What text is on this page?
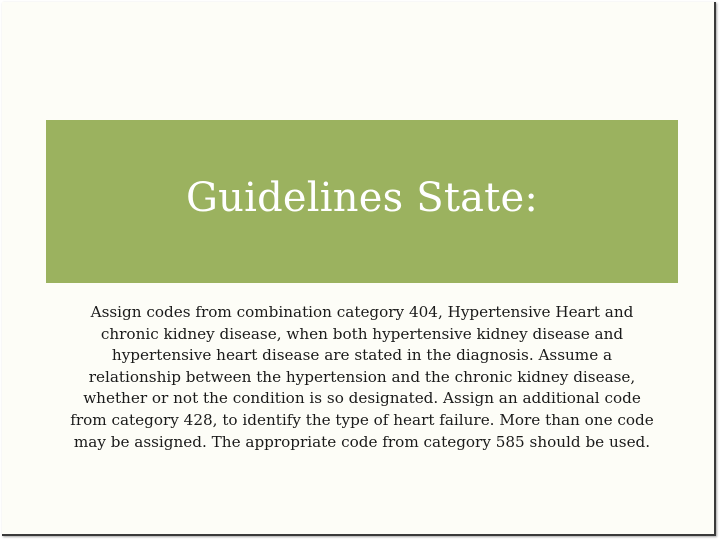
Guidelines State:
Assign codes from combination category 404, Hypertensive Heart and chronic kidney disease, when both hypertensive kidney disease and hypertensive heart disease are stated in the diagnosis. Assume a relationship between the hypertension and the chronic kidney disease, whether or not the condition is so designated. Assign an additional code from category 428, to identify the type of heart failure. More than one code may be assigned. The appropriate code from category 585 should be used.
